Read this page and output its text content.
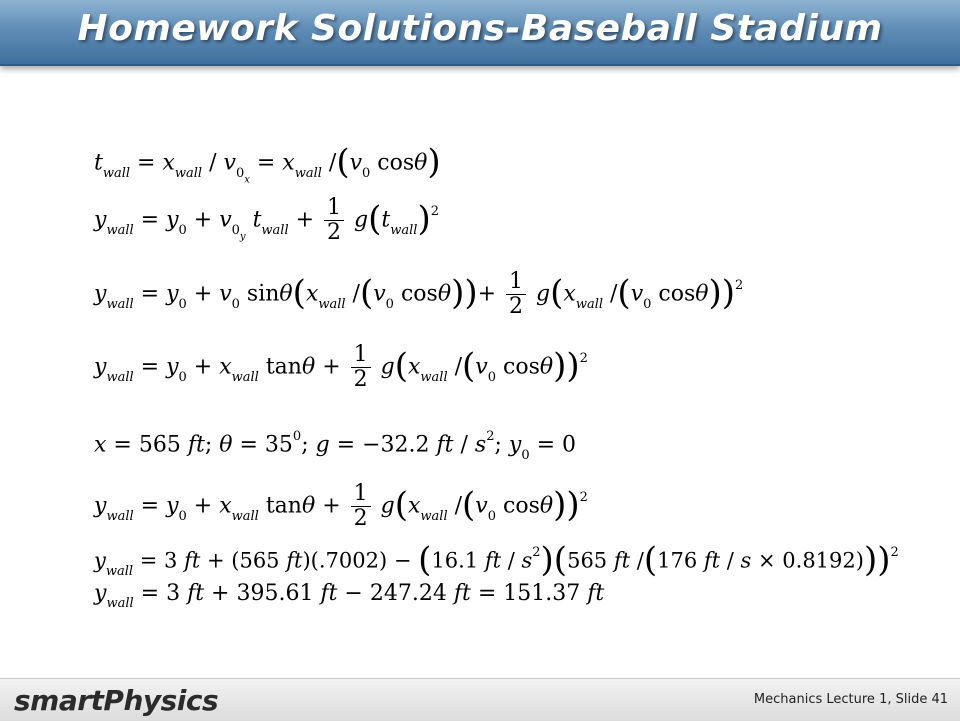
Homework Solutions-Baseball Stadium
$t_{wall} = x_{wall} / v_{0_x} = x_{wall}$ $/(v_0$ cosθ)
$y_{wall} = y_0 + v_{0_y}$ $t_{wall} + \frac{1}{2} g(t_{wall})^2$
$y_{wall} = y_0 + v_0$ $\sin\theta(x_{wall}$ $/(v_0$ $\cos\theta))+ \frac{1}{2} g(x_{wall}$ $/(v_0$ cosθ))$^2$
$y_{wall} = y_0 + x_{wall}$ $\tan\theta + \frac{1}{2} g(x_{wall}$ $/(v_0$ cosθ))$^2$
x = 565 ft; $\theta = 35^0$; g = −32.2 ft / $s^2$; $y_0 = 0$
$y_{wall} = y_0 + x_{wall}$ $\tan\theta + \frac{1}{2} g(x_{wall}$ $/(v_0$ cosθ))$^2$
$y_{wall} = 3$ ft + (565 ft)(.7002) − (16.1 ft / $s^2)(565$ ft /(176 ft / s × 0.8192)))$^2$
$y_{wall} = 3$ ft + 395.61 ft − 247.24 ft = 151.37 ft
smartPhysics	Mechanics Lecture 1, Slide 41
